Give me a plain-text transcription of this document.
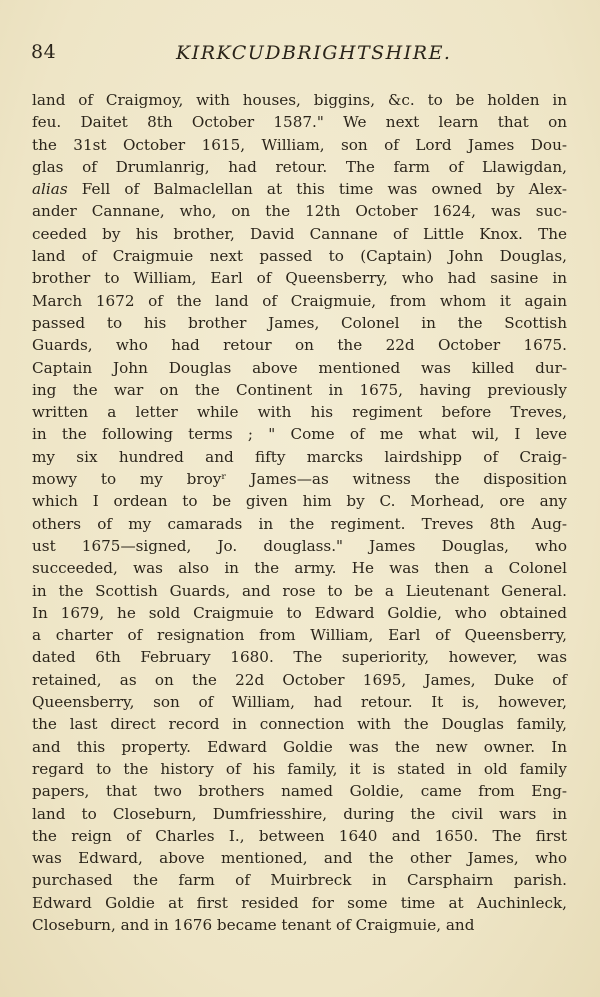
84	KIRKCUDBRIGHTSHIRE.
land of Craigmoy, with houses, biggins, &c. to be holden in
feu. Daitet 8th October 1587." We next learn that on
the 31st October 1615, William, son of Lord James Dou-
glas of Drumlanrig, had retour. The farm of Llawigdan,
alias Fell of Balmaclellan at this time was owned by Alex-
ander Cannane, who, on the 12th October 1624, was suc-
ceeded by his brother, David Cannane of Little Knox. The
land of Craigmuie next passed to (Captain) John Douglas,
brother to William, Earl of Queensberry, who had sasine in
March 1672 of the land of Craigmuie, from whom it again
passed to his brother James, Colonel in the Scottish
Guards, who had retour on the 22d October 1675.
Captain John Douglas above mentioned was killed dur-
ing the war on the Continent in 1675, having previously
written a letter while with his regiment before Treves,
in the following terms ; " Come of me what wil, I leve
my six hundred and fifty marcks lairdshipp of Craig-
mowy to my broyʳ James—as witness the disposition
which I ordean to be given him by C. Morhead, ore any
others of my camarads in the regiment. Treves 8th Aug-
ust 1675—signed, Jo. douglass." James Douglas, who
succeeded, was also in the army. He was then a Colonel
in the Scottish Guards, and rose to be a Lieutenant General.
In 1679, he sold Craigmuie to Edward Goldie, who obtained
a charter of resignation from William, Earl of Queensberry,
dated 6th February 1680. The superiority, however, was
retained, as on the 22d October 1695, James, Duke of
Queensberry, son of William, had retour. It is, however,
the last direct record in connection with the Douglas family,
and this property. Edward Goldie was the new owner. In
regard to the history of his family, it is stated in old family
papers, that two brothers named Goldie, came from Eng-
land to Closeburn, Dumfriesshire, during the civil wars in
the reign of Charles I., between 1640 and 1650. The first
was Edward, above mentioned, and the other James, who
purchased the farm of Muirbreck in Carsphairn parish.
Edward Goldie at first resided for some time at Auchinleck,
Closeburn, and in 1676 became tenant of Craigmuie, and
